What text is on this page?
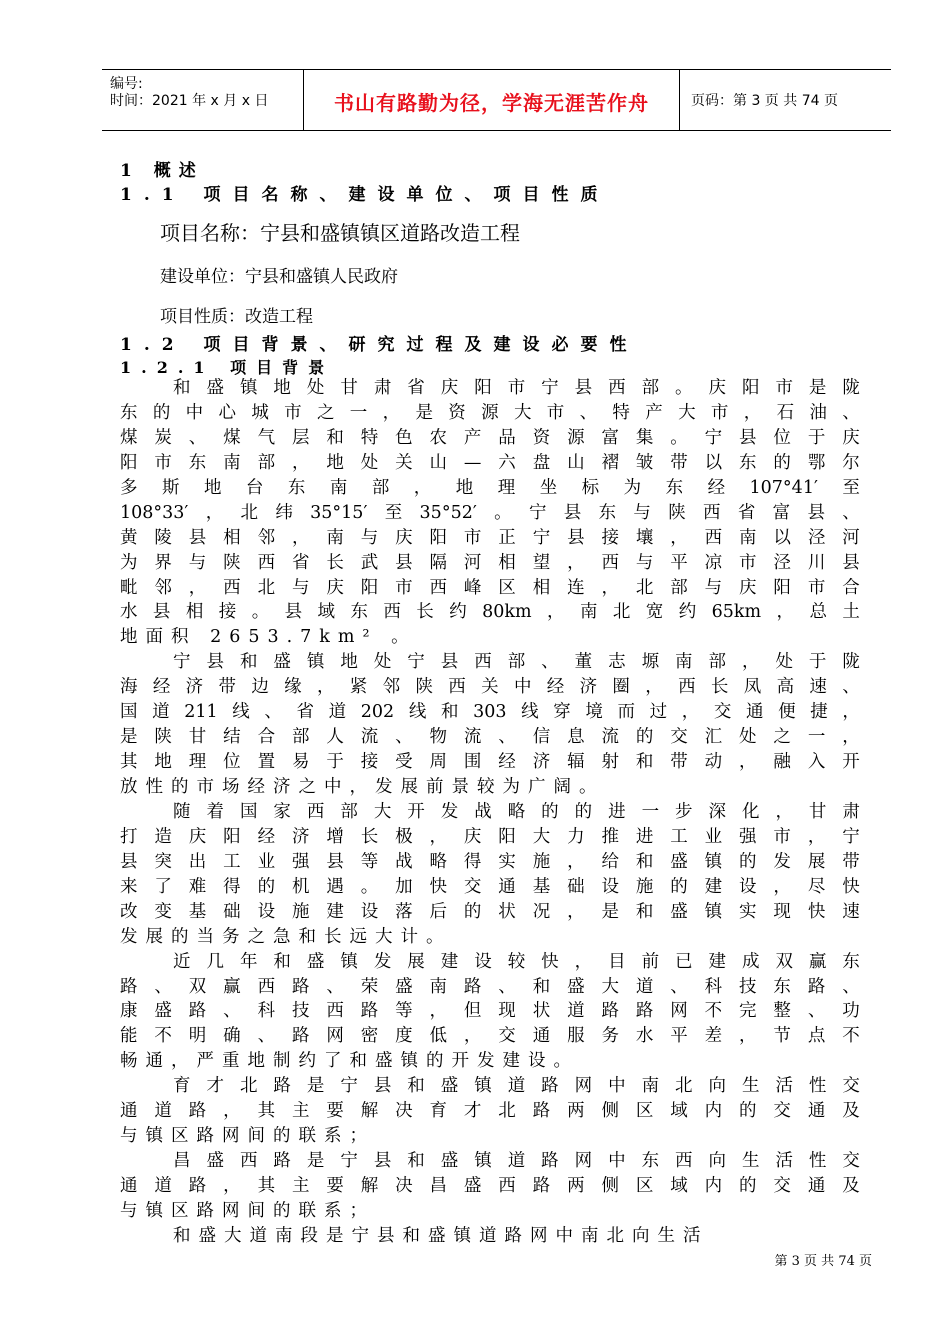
编号:
时间：2021 年 x 月 x 日	书山有路勤为径，学海无涯苦作舟	页码：第 3 页 共 74 页
1 概述
1.1 项目名称、建设单位、项目性质
项目名称：宁县和盛镇镇区道路改造工程
建设单位：宁县和盛镇人民政府
项目性质：改造工程
1.2 项目背景、研究过程及建设必要性
1.2.1 项目背景
和 盛 镇 地 处 甘 肃 省 庆 阳 市 宁 县 西 部 。 庆 阳 市 是 陇
东 的 中 心 城 市 之 一 ， 是 资 源 大 市 、 特 产 大 市 ， 石 油 、
煤 炭 、 煤 气 层 和 特 色 农 产 品 资 源 富 集 。 宁 县 位 于 庆
阳 市 东 南 部 ， 地 处 关 山 — 六 盘 山 褶 皱 带 以 东 的 鄂 尔
多 斯 地 台 东 南 部 ， 地 理 坐 标 为 东 经 107°41′ 至
108°33′ ， 北 纬 35°15′ 至 35°52′ 。 宁 县 东 与 陕 西 省 富 县 、
黄 陵 县 相 邻 ， 南 与 庆 阳 市 正 宁 县 接 壤 ， 西 南 以 泾 河
为 界 与 陕 西 省 长 武 县 隔 河 相 望 ， 西 与 平 凉 市 泾 川 县
毗 邻 ， 西 北 与 庆 阳 市 西 峰 区 相 连 ， 北 部 与 庆 阳 市 合
水 县 相 接 。 县 域 东 西 长 约 80km ， 南 北 宽 约 65km ， 总 土
地面积 2653.7km² 。
宁 县 和 盛 镇 地 处 宁 县 西 部 、 董 志 塬 南 部 ， 处 于 陇
海 经 济 带 边 缘 ， 紧 邻 陕 西 关 中 经 济 圈 ， 西 长 凤 高 速 、
国 道 211 线 、 省 道 202 线 和 303 线 穿 境 而 过 ， 交 通 便 捷 ，
是 陕 甘 结 合 部 人 流 、 物 流 、 信 息 流 的 交 汇 处 之 一 ，
其 地 理 位 置 易 于 接 受 周 围 经 济 辐 射 和 带 动 ， 融 入 开
放性的市场经济之中，发展前景较为广阔。
随 着 国 家 西 部 大 开 发 战 略 的 的 进 一 步 深 化 ， 甘 肃
打 造 庆 阳 经 济 增 长 极 ， 庆 阳 大 力 推 进 工 业 强 市 ， 宁
县 突 出 工 业 强 县 等 战 略 得 实 施 ， 给 和 盛 镇 的 发 展 带
来 了 难 得 的 机 遇 。 加 快 交 通 基 础 设 施 的 建 设 ， 尽 快
改 变 基 础 设 施 建 设 落 后 的 状 况 ， 是 和 盛 镇 实 现 快 速
发展的当务之急和长远大计。
近 几 年 和 盛 镇 发 展 建 设 较 快 ， 目 前 已 建 成 双 赢 东
路 、 双 赢 西 路 、 荣 盛 南 路 、 和 盛 大 道 、 科 技 东 路 、
康 盛 路 、 科 技 西 路 等 ， 但 现 状 道 路 路 网 不 完 整 、 功
能 不 明 确 、 路 网 密 度 低 ， 交 通 服 务 水 平 差 ， 节 点 不
畅通，严重地制约了和盛镇的开发建设。
育 才 北 路 是 宁 县 和 盛 镇 道 路 网 中 南 北 向 生 活 性 交
通 道 路 ， 其 主 要 解 决 育 才 北 路 两 侧 区 域 内 的 交 通 及
与镇区路网间的联系；
昌 盛 西 路 是 宁 县 和 盛 镇 道 路 网 中 东 西 向 生 活 性 交
通 道 路 ， 其 主 要 解 决 昌 盛 西 路 两 侧 区 域 内 的 交 通 及
与镇区路网间的联系；
和盛大道南段是宁县和盛镇道路网中南北向生活
第 3 页 共 74 页
